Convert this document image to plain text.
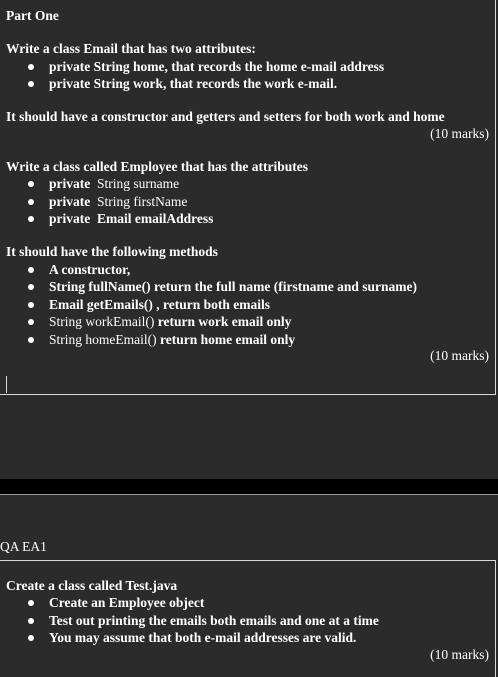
Part One
Write a class Email that has two attributes:
private String home, that records the home e-mail address
private String work, that records the work e-mail.
It should have a constructor and getters and setters for both work and home
(10 marks)
Write a class called Employee that has the attributes
private String surname
private String firstName
private Email emailAddress
It should have the following methods
A constructor,
String fullName() return the full name (firstname and surname)
Email getEmails() , return both emails
String workEmail() return work email only
String homeEmail() return home email only
(10 marks)
QA EA1
Create a class called Test.java
Create an Employee object
Test out printing the emails both emails and one at a time
You may assume that both e-mail addresses are valid.
(10 marks)
